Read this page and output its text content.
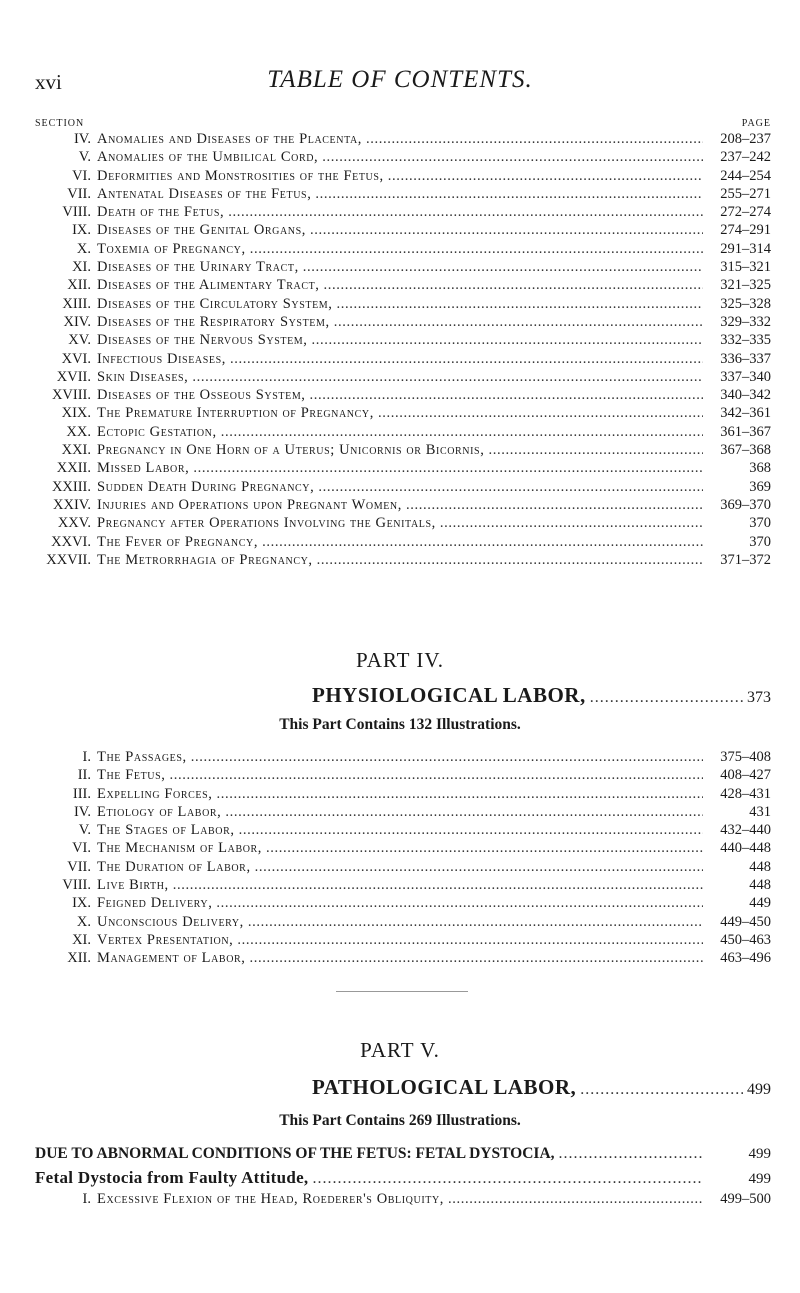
xvi	TABLE OF CONTENTS.
SECTION	PAGE
IV. Anomalies and Diseases of the Placenta, . . .	208–237
V. Anomalies of the Umbilical Cord, . . .	237–242
VI. Deformities and Monstrosities of the Fetus, . . .	244–254
VII. Antenatal Diseases of the Fetus, . . .	255–271
VIII. Death of the Fetus, . . .	272–274
IX. Diseases of the Genital Organs, . . .	274–291
X. Toxemia of Pregnancy, . . .	291–314
XI. Diseases of the Urinary Tract, . . .	315–321
XII. Diseases of the Alimentary Tract, . . .	321–325
XIII. Diseases of the Circulatory System, . . .	325–328
XIV. Diseases of the Respiratory System, . . .	329–332
XV. Diseases of the Nervous System, . . .	332–335
XVI. Infectious Diseases, . . .	336–337
XVII. Skin Diseases, . . .	337–340
XVIII. Diseases of the Osseous System, . . .	340–342
XIX. The Premature Interruption of Pregnancy, . . .	342–361
XX. Ectopic Gestation, . . .	361–367
XXI. Pregnancy in One Horn of a Uterus; Unicornis or Bicornis, . . .	367–368
XXII. Missed Labor, . . .	368
XXIII. Sudden Death During Pregnancy, . . .	369
XXIV. Injuries and Operations upon Pregnant Women, . . .	369–370
XXV. Pregnancy after Operations Involving the Genitals, . . .	370
XXVI. The Fever of Pregnancy, . . .	370
XXVII. The Metrorrhagia of Pregnancy, . . .	371–372
PART IV.
PHYSIOLOGICAL LABOR, . . .	373
This Part Contains 132 Illustrations.
I. The Passages, . . .	375–408
II. The Fetus, . . .	408–427
III. Expelling Forces, . . .	428–431
IV. Etiology of Labor, . . .	431
V. The Stages of Labor, . . .	432–440
VI. The Mechanism of Labor, . . .	440–448
VII. The Duration of Labor, . . .	448
VIII. Live Birth, . . .	448
IX. Feigned Delivery, . . .	449
X. Unconscious Delivery, . . .	449–450
XI. Vertex Presentation, . . .	450–463
XII. Management of Labor, . . .	463–496
PART V.
PATHOLOGICAL LABOR, . . .	499
This Part Contains 269 Illustrations.
DUE TO ABNORMAL CONDITIONS OF THE FETUS: FETAL DYSTOCIA, . . .	499
Fetal Dystocia from Faulty Attitude, . . .	499
I. Excessive Flexion of the Head, Roederer's Obliquity, . . .	499–500
